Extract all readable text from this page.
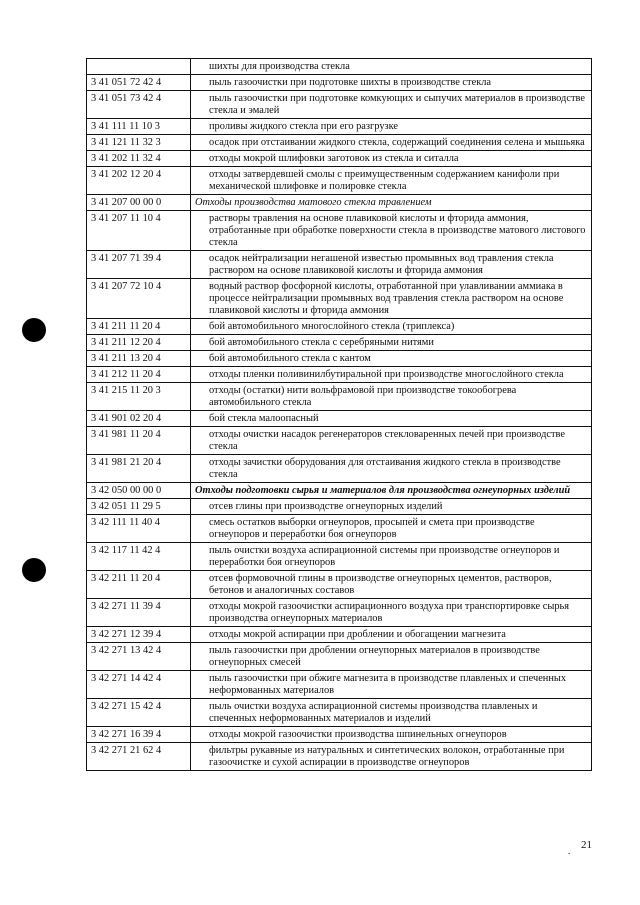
	шихты для производства стекла
3 41 051 72 42 4	пыль газоочистки при подготовке шихты в производстве стекла
3 41 051 73 42 4	пыль газоочистки при подготовке комкующих и сыпучих материалов в производстве стекла и эмалей
3 41 111 11 10 3	проливы жидкого стекла при его разгрузке
3 41 121 11 32 3	осадок при отстаивании жидкого стекла, содержащий соединения селена и мышьяка
3 41 202 11 32 4	отходы мокрой шлифовки заготовок из стекла и ситалла
3 41 202 12 20 4	отходы затвердевшей смолы с преимущественным содержанием канифоли при механической шлифовке и полировке стекла
3 41 207 00 00 0	Отходы производства матового стекла травлением
3 41 207 11 10 4	растворы травления на основе плавиковой кислоты и фторида аммония, отработанные при обработке поверхности стекла в производстве матового листового стекла
3 41 207 71 39 4	осадок нейтрализации негашеной известью промывных вод травления стекла раствором на основе плавиковой кислоты и фторида аммония
3 41 207 72 10 4	водный раствор фосфорной кислоты, отработанной при улавливании аммиака в процессе нейтрализации промывных вод травления стекла раствором на основе плавиковой кислоты и фторида аммония
3 41 211 11 20 4	бой автомобильного многослойного стекла (триплекса)
3 41 211 12 20 4	бой автомобильного стекла с серебряными нитями
3 41 211 13 20 4	бой автомобильного стекла с кантом
3 41 212 11 20 4	отходы пленки поливинилбутиральной при производстве многослойного стекла
3 41 215 11 20 3	отходы (остатки) нити вольфрамовой при производстве токообогрева автомобильного стекла
3 41 901 02 20 4	бой стекла малоопасный
3 41 981 11 20 4	отходы очистки насадок регенераторов стекловаренных печей при производстве стекла
3 41 981 21 20 4	отходы зачистки оборудования для отстаивания жидкого стекла в производстве стекла
3 42 050 00 00 0	Отходы подготовки сырья и материалов для производства огнеупорных изделий
3 42 051 11 29 5	отсев глины при производстве огнеупорных изделий
3 42 111 11 40 4	смесь остатков выборки огнеупоров, просыпей и смета при производстве огнеупоров и переработки боя огнеупоров
3 42 117 11 42 4	пыль очистки воздуха аспирационной системы при производстве огнеупоров и переработки боя огнеупоров
3 42 211 11 20 4	отсев формовочной глины в производстве огнеупорных цементов, растворов, бетонов и аналогичных составов
3 42 271 11 39 4	отходы мокрой газоочистки аспирационного воздуха при транспортировке сырья производства огнеупорных материалов
3 42 271 12 39 4	отходы мокрой аспирации при дроблении и обогащении магнезита
3 42 271 13 42 4	пыль газоочистки при дроблении огнеупорных материалов в производстве огнеупорных смесей
3 42 271 14 42 4	пыль газоочистки при обжиге магнезита в производстве плавленых и спеченных неформованных материалов
3 42 271 15 42 4	пыль очистки воздуха аспирационной системы производства плавленых и спеченных неформованных материалов и изделий
3 42 271 16 39 4	отходы мокрой газоочистки производства шпинельных огнеупоров
3 42 271 21 62 4	фильтры рукавные из натуральных и синтетических волокон, отработанные при газоочистке и сухой аспирации в производстве огнеупоров
. 21
